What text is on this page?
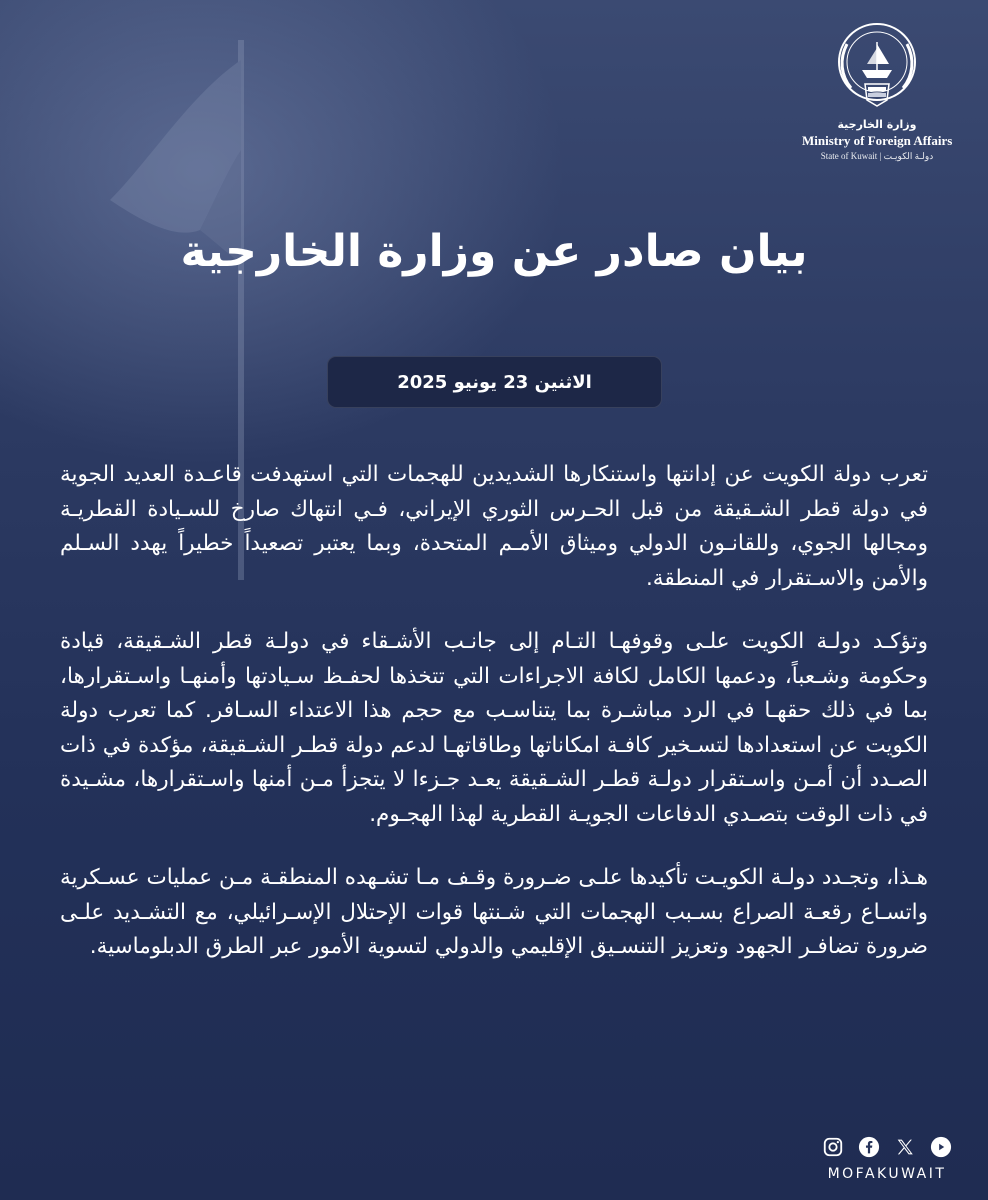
وزارة الخارجية
Ministry of Foreign Affairs
State of Kuwait | دولـة الكويـت
بيان صادر عن وزارة الخارجية
الاثنين 23 يونيو 2025

تعرب دولة الكويت عن إدانتها واستنكارها الشديدين للهجمات التي استهدفت قاعـدة العديد الجوية في دولة قطر الشـقيقة من قبل الحـرس الثوري الإيراني، فـي انتهاك صارخ للسـيادة القطريـة ومجالها الجوي، وللقانـون الدولي وميثاق الأمـم المتحدة، وبما يعتبر تصعيداً خطيراً يهدد السـلم والأمن والاسـتقرار في المنطقة.

وتؤكـد دولـة الكويت علـى وقوفهـا التـام إلى جانـب الأشـقاء في دولـة قطر الشـقيقة، قيادة وحكومة وشـعباً، ودعمها الكامل لكافة الاجراءات التي تتخذها لحفـظ سـيادتها وأمنهـا واسـتقرارها، بما في ذلك حقهـا في الرد مباشـرة بما يتناسـب مع حجم هذا الاعتداء السـافر. كما تعرب دولة الكويت عن استعدادها لتسـخير كافـة امكاناتها وطاقاتهـا لدعم دولة قطـر الشـقيقة، مؤكدة في ذات الصـدد أن أمـن واسـتقرار دولـة قطـر الشـقيقة يعـد جـزءا لا يتجزأ مـن أمنها واسـتقرارها، مشـيدة في ذات الوقت بتصـدي الدفاعات الجويـة القطرية لهذا الهجـوم.

هـذا، وتجـدد دولـة الكويـت تأكيدها علـى ضـرورة وقـف مـا تشـهده المنطقـة مـن عمليات عسـكرية واتسـاع رقعـة الصراع بسـبب الهجمات التي شـنتها قوات الإحتلال الإسـرائيلي، مع التشـديد علـى ضرورة تضافـر الجهود وتعزيز التنسـيق الإقليمي والدولي لتسوية الأمور عبر الطرق الدبلوماسية.

MOFAKUWAIT
